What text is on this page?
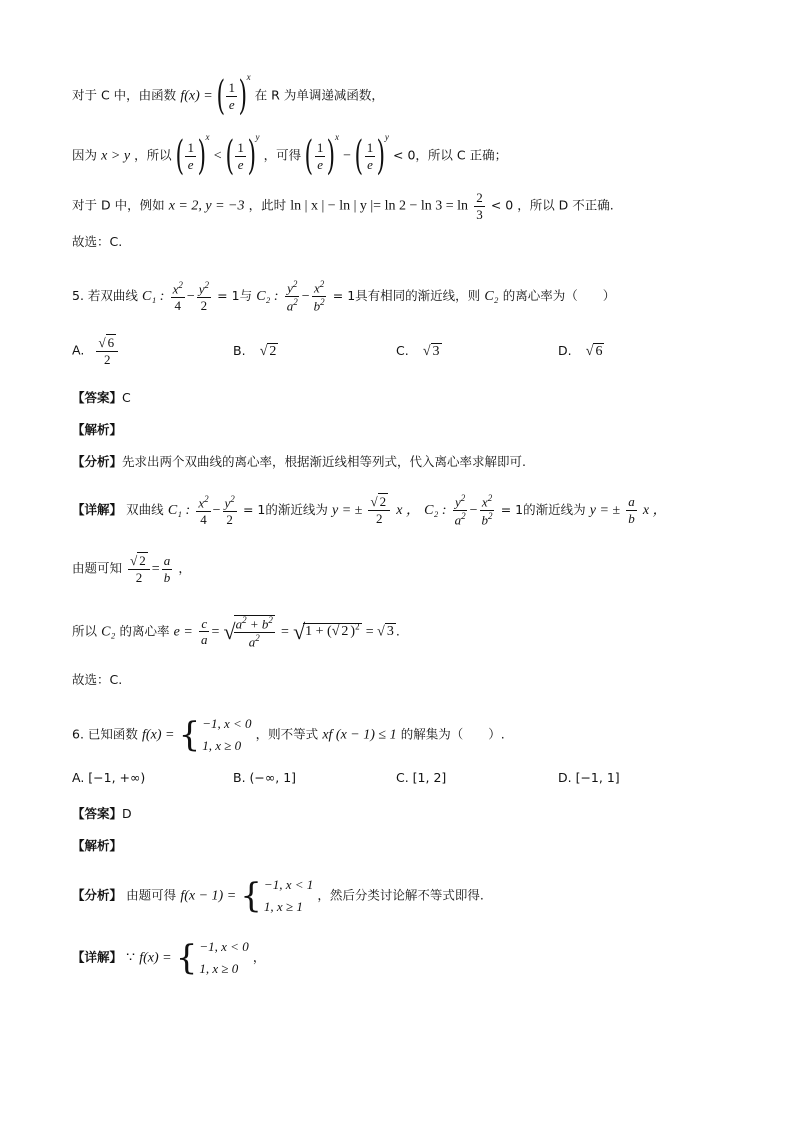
对于 C 中，由函数 f(x) = ( $\frac{1}{e} )^x$ 在 R 为单调递减函数，
因为 x > y ，所以 ( $\frac{1}{e} )^x$ < ( $\frac{1}{e} )^y$ ，可得 ( $\frac{1}{e} )^x$ − ( $\frac{1}{e} )^y < 0$，所以 C 正确；
对于 D 中，例如 x = 2, y = −3 ，此时 ln | x | − ln | y |= $\ln 2 - \ln 3 = \ln \frac{2}{3} < 0$ ，所以 D 不正确.
故选：C.
5. 若双曲线 C₁ : $\frac{x^2}{4} - \frac{y^2}{2} = 1$与 C₂ : $\frac{y^2}{a^2} - \frac{x^2}{b^2} = 1$具有相同的渐近线，则 C₂ 的离心率为（　　）
A. $\frac{√ 6}{2}$	B. √ 2	C. √ 3	D. √ 6
【答案】C
【解析】
【分析】先求出两个双曲线的离心率，根据渐近线相等列式，代入离心率求解即可.
【详解】 双曲线 C₁ : $\frac{x^2}{4} - \frac{y^2}{2} = 1$的渐近线为 y = ± $\frac{√ 2}{2}$ x ， C₂ : $\frac{y^2}{a^2} - \frac{x^2}{b^2} = 1$的渐近线为 y = ± $\frac{a}{b}$ x ，
由题可知 $\frac{√ 2}{2} = \frac{a}{b}$ ，
所以 C₂ 的离心率 $e = \frac{c}{a}$ = √
$\frac{a^2 + b^2}{a^2} = √1$ + (√ 2 )$^2$ = √ 3 .
故选：C.
6. 已知函数 f(x) = { −1, x < 0
1, x ≥ 0
，则不等式 xf (x − 1) ≤ 1 的解集为（　　）.
A. [−1, +∞)	B. (−∞, 1]	C. [1, 2]	D. [−1, 1]
【答案】D
【解析】
【分析】 由题可得 f(x − 1) = { −1, x < 1
1, x ≥ 1
，然后分类讨论解不等式即得.
【详解】 ∵ f(x) = { −1, x < 0
1, x ≥ 0
，
